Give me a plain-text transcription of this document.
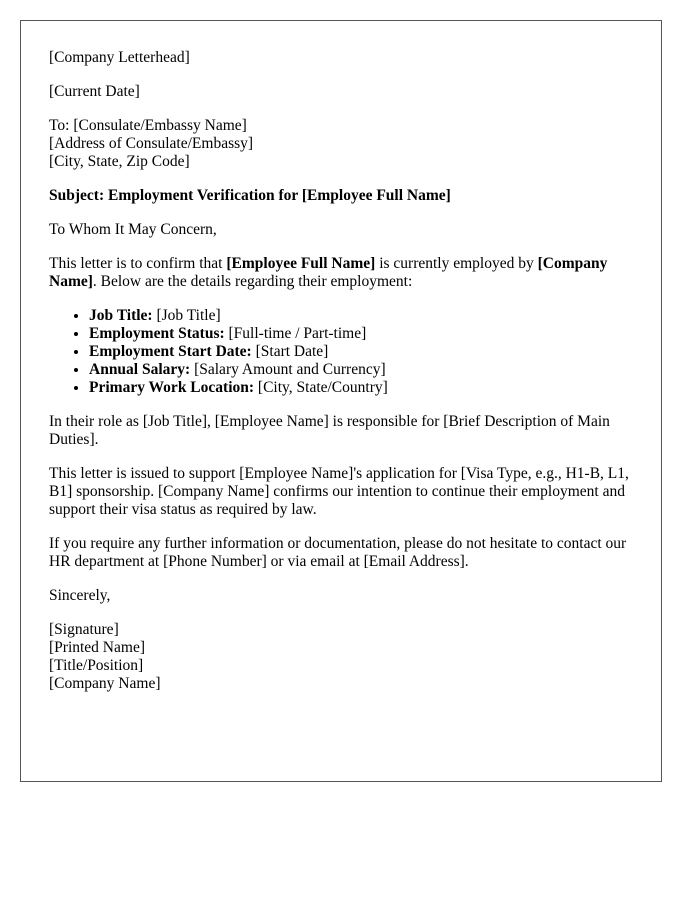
[Company Letterhead]

[Current Date]

To: [Consulate/Embassy Name]

[Address of Consulate/Embassy]

[City, State, Zip Code]

Subject: Employment Verification for [Employee Full Name]

To Whom It May Concern,

This letter is to confirm that [Employee Full Name] is currently employed by [Company Name]. Below are the details regarding their employment:

• Job Title: [Job Title]
• Employment Status: [Full-time / Part-time]
• Employment Start Date: [Start Date]
• Annual Salary: [Salary Amount and Currency]
• Primary Work Location: [City, State/Country]

In their role as [Job Title], [Employee Name] is responsible for [Brief Description of Main Duties].

This letter is issued to support [Employee Name]'s application for [Visa Type, e.g., H1-B, L1, B1] sponsorship. [Company Name] confirms our intention to continue their employment and support their visa status as required by law.

If you require any further information or documentation, please do not hesitate to contact our HR department at [Phone Number] or via email at [Email Address].

Sincerely,

[Signature]

[Printed Name]

[Title/Position]

[Company Name]
